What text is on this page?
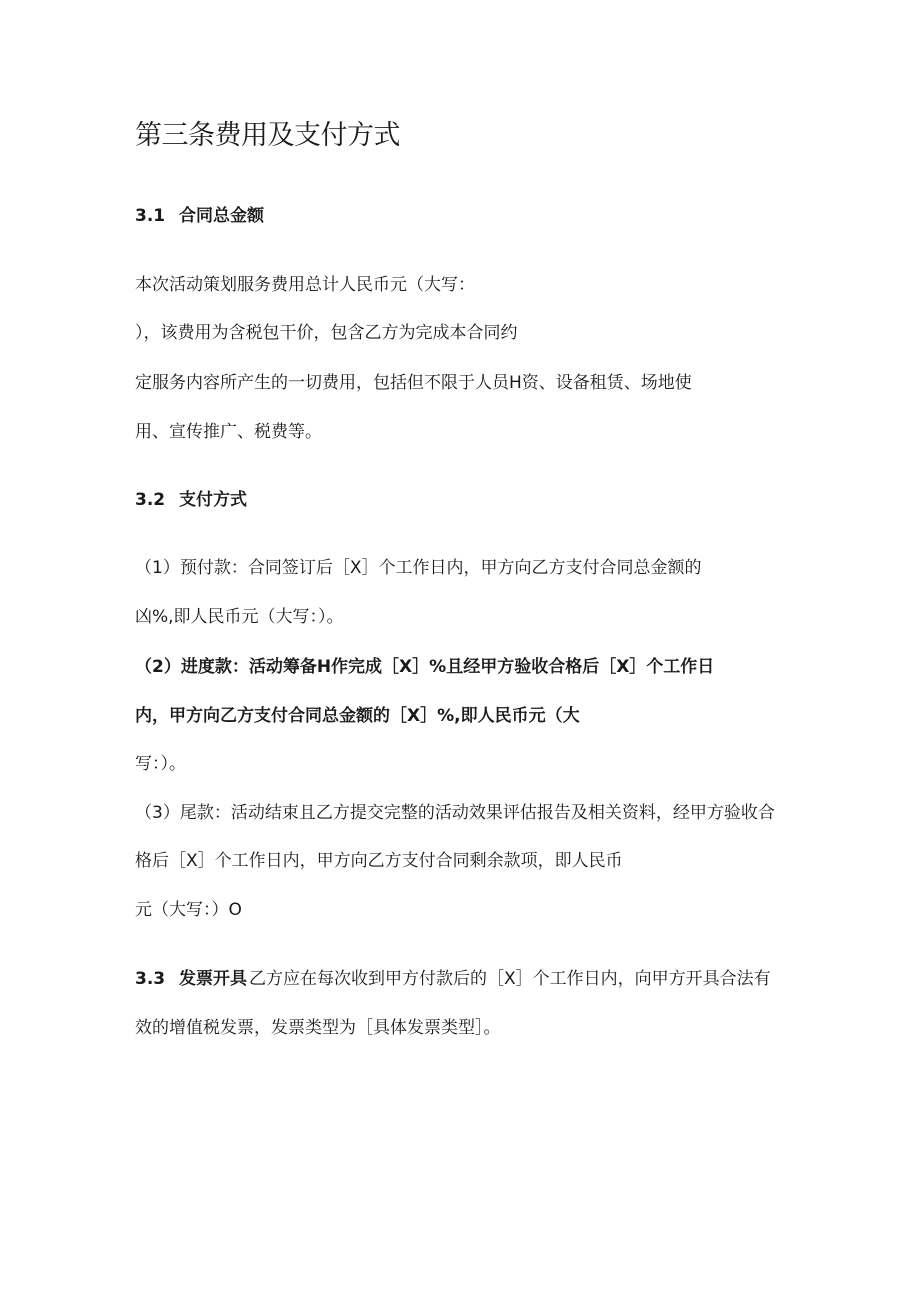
第三条费用及支付方式
3.1 合同总金额
本次活动策划服务费用总计人民币元（大写：
），该费用为含税包干价，包含乙方为完成本合同约
定服务内容所产生的一切费用，包括但不限于人员H资、设备租赁、场地使
用、宣传推广、税费等。
3.2 支付方式
（1）预付款：合同签订后［X］个工作日内，甲方向乙方支付合同总金额的
凶%,即人民币元（大写：）。
（2）进度款：活动筹备H作完成［X］%且经甲方验收合格后［X］个工作日
内，甲方向乙方支付合同总金额的［X］%,即人民币元（大
写：）。
（3）尾款：活动结束且乙方提交完整的活动效果评估报告及相关资料，经甲方验收合
格后［X］个工作日内，甲方向乙方支付合同剩余款项，即人民币
元（大写：）O
3.3 发票开具 乙方应在每次收到甲方付款后的［X］个工作日内，向甲方开具合法有
效的增值税发票，发票类型为［具体发票类型］。
